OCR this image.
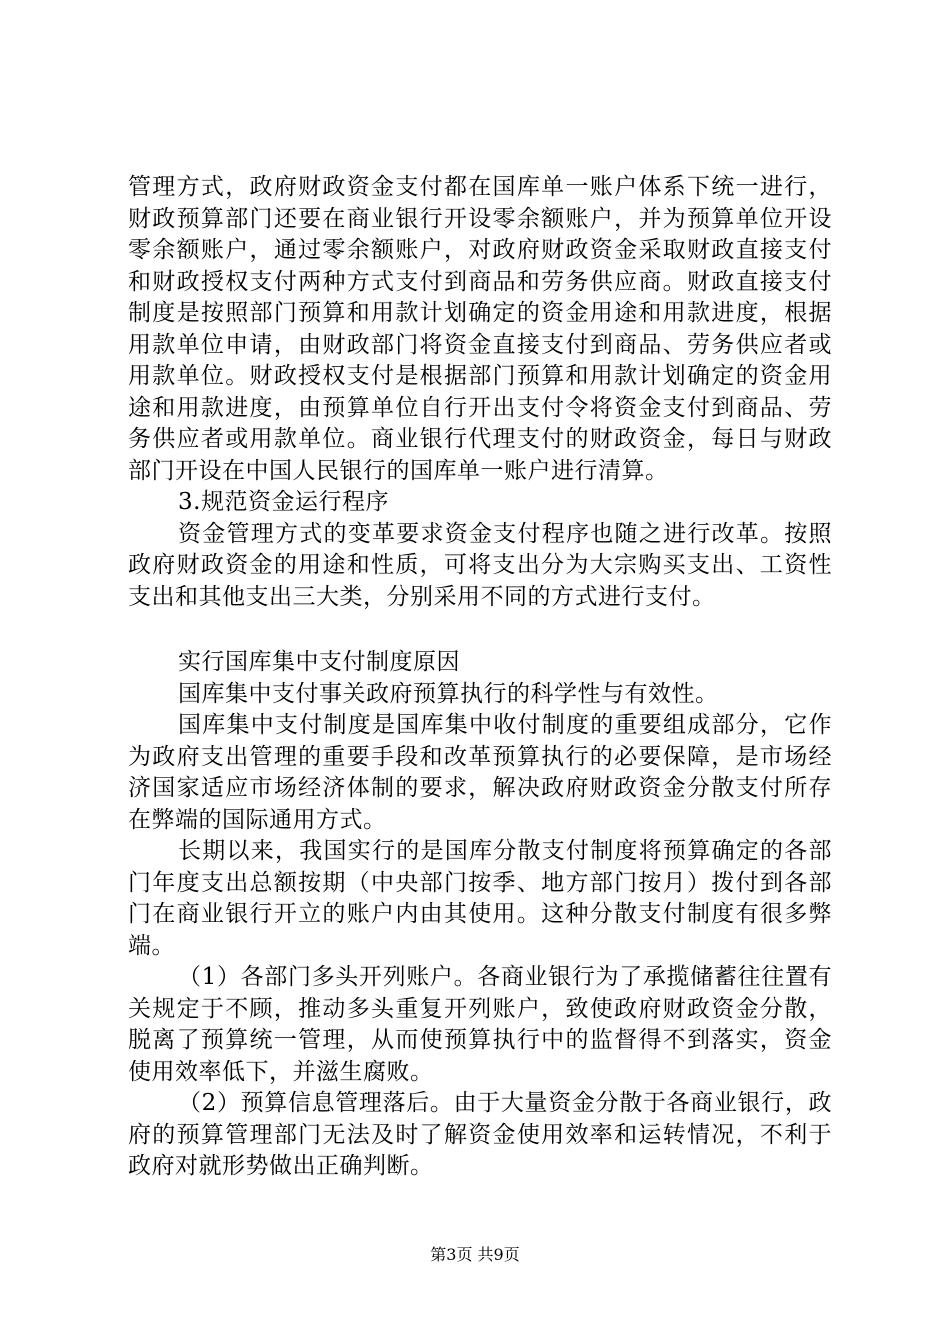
管理方式，政府财政资金支付都在国库单一账户体系下统一进行，财政预算部门还要在商业银行开设零余额账户，并为预算单位开设零余额账户，通过零余额账户，对政府财政资金采取财政直接支付和财政授权支付两种方式支付到商品和劳务供应商。财政直接支付制度是按照部门预算和用款计划确定的资金用途和用款进度，根据用款单位申请，由财政部门将资金直接支付到商品、劳务供应者或用款单位。财政授权支付是根据部门预算和用款计划确定的资金用途和用款进度，由预算单位自行开出支付令将资金支付到商品、劳务供应者或用款单位。商业银行代理支付的财政资金，每日与财政部门开设在中国人民银行的国库单一账户进行清算。

3.规范资金运行程序

资金管理方式的变革要求资金支付程序也随之进行改革。按照政府财政资金的用途和性质，可将支出分为大宗购买支出、工资性支出和其他支出三大类，分别采用不同的方式进行支付。

实行国库集中支付制度原因

国库集中支付事关政府预算执行的科学性与有效性。

国库集中支付制度是国库集中收付制度的重要组成部分，它作为政府支出管理的重要手段和改革预算执行的必要保障，是市场经济国家适应市场经济体制的要求，解决政府财政资金分散支付所存在弊端的国际通用方式。

长期以来，我国实行的是国库分散支付制度将预算确定的各部门年度支出总额按期（中央部门按季、地方部门按月）拨付到各部门在商业银行开立的账户内由其使用。这种分散支付制度有很多弊端。

（1）各部门多头开列账户。各商业银行为了承揽储蓄往往置有关规定于不顾，推动多头重复开列账户，致使政府财政资金分散，脱离了预算统一管理，从而使预算执行中的监督得不到落实，资金使用效率低下，并滋生腐败。

（2）预算信息管理落后。由于大量资金分散于各商业银行，政府的预算管理部门无法及时了解资金使用效率和运转情况，不利于政府对就形势做出正确判断。

第3页 共9页
